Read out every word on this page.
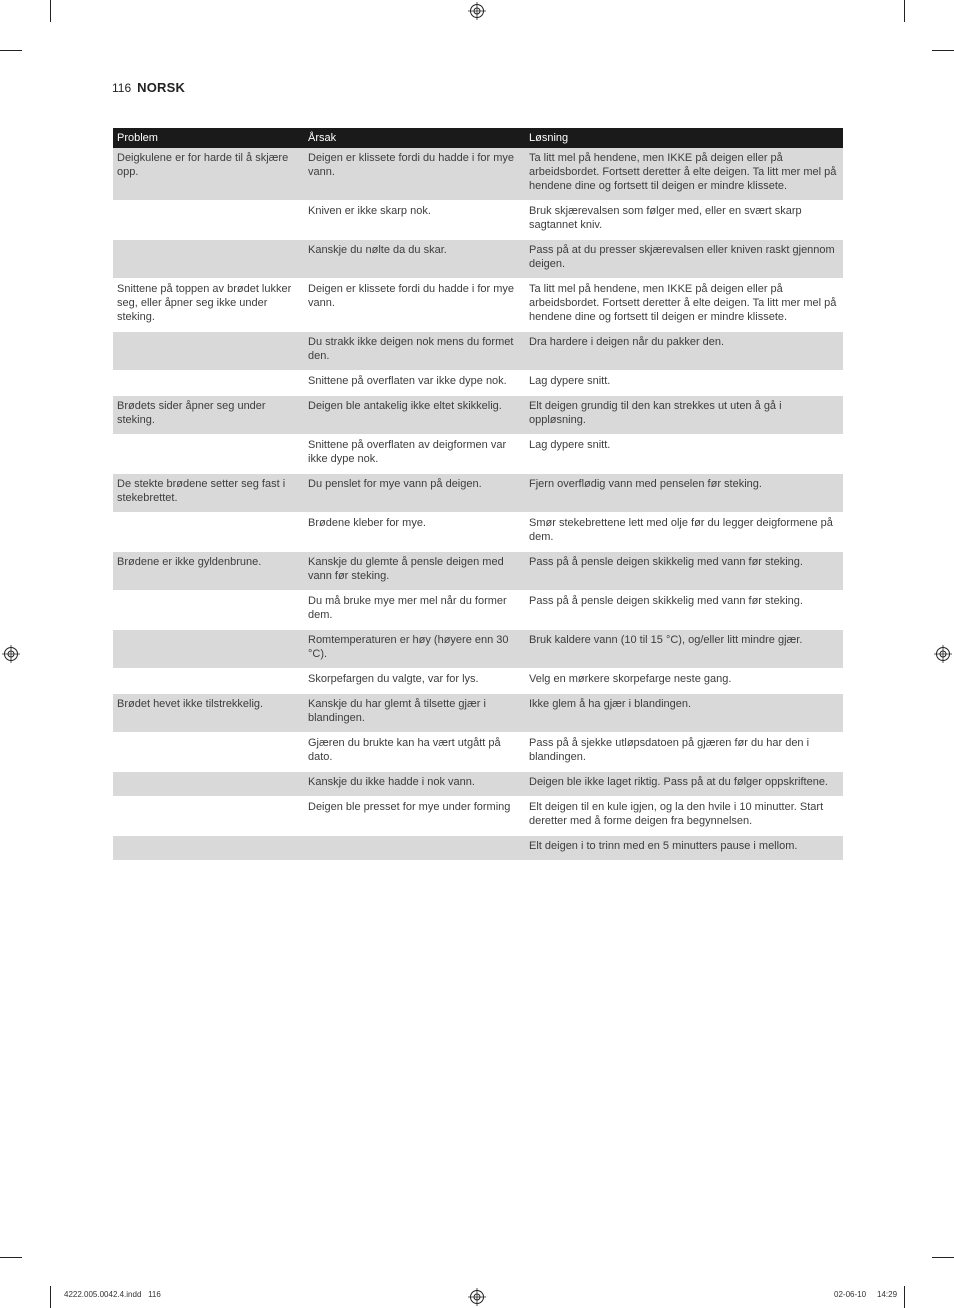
116 NORSK
Problem	Årsak	Løsning
Deigkulene er for harde til å skjære opp.	Deigen er klissete fordi du hadde i for mye vann.	Ta litt mel på hendene, men IKKE på deigen eller på arbeidsbordet. Fortsett deretter å elte deigen. Ta litt mer mel på hendene dine og fortsett til deigen er mindre klissete.
	Kniven er ikke skarp nok.	Bruk skjærevalsen som følger med, eller en svært skarp sagtannet kniv.
	Kanskje du nølte da du skar.	Pass på at du presser skjærevalsen eller kniven raskt gjennom deigen.
Snittene på toppen av brødet lukker seg, eller åpner seg ikke under steking.	Deigen er klissete fordi du hadde i for mye vann.	Ta litt mel på hendene, men IKKE på deigen eller på arbeidsbordet. Fortsett deretter å elte deigen. Ta litt mer mel på hendene dine og fortsett til deigen er mindre klissete.
	Du strakk ikke deigen nok mens du formet den.	Dra hardere i deigen når du pakker den.
	Snittene på overflaten var ikke dype nok.	Lag dypere snitt.
Brødets sider åpner seg under steking.	Deigen ble antakelig ikke eltet skikkelig.	Elt deigen grundig til den kan strekkes ut uten å gå i oppløsning.
	Snittene på overflaten av deigformen var ikke dype nok.	Lag dypere snitt.
De stekte brødene setter seg fast i stekebrettet.	Du penslet for mye vann på deigen.	Fjern overflødig vann med penselen før steking.
	Brødene kleber for mye.	Smør stekebrettene lett med olje før du legger deigformene på dem.
Brødene er ikke gyldenbrune.	Kanskje du glemte å pensle deigen med vann før steking.	Pass på å pensle deigen skikkelig med vann før steking.
	Du må bruke mye mer mel når du former dem.	Pass på å pensle deigen skikkelig med vann før steking.
	Romtemperaturen er høy (høyere enn 30 °C).	Bruk kaldere vann (10 til 15 °C), og/eller litt mindre gjær.
	Skorpefargen du valgte, var for lys.	Velg en mørkere skorpefarge neste gang.
Brødet hevet ikke tilstrekkelig.	Kanskje du har glemt å tilsette gjær i blandingen.	Ikke glem å ha gjær i blandingen.
	Gjæren du brukte kan ha vært utgått på dato.	Pass på å sjekke utløpsdatoen på gjæren før du har den i blandingen.
	Kanskje du ikke hadde i nok vann.	Deigen ble ikke laget riktig. Pass på at du følger oppskriftene.
	Deigen ble presset for mye under forming	Elt deigen til en kule igjen, og la den hvile i 10 minutter. Start deretter med å forme deigen fra begynnelsen.
		Elt deigen i to trinn med en 5 minutters pause i mellom.
4222.005.0042.4.indd   116	02-06-10 14:29
